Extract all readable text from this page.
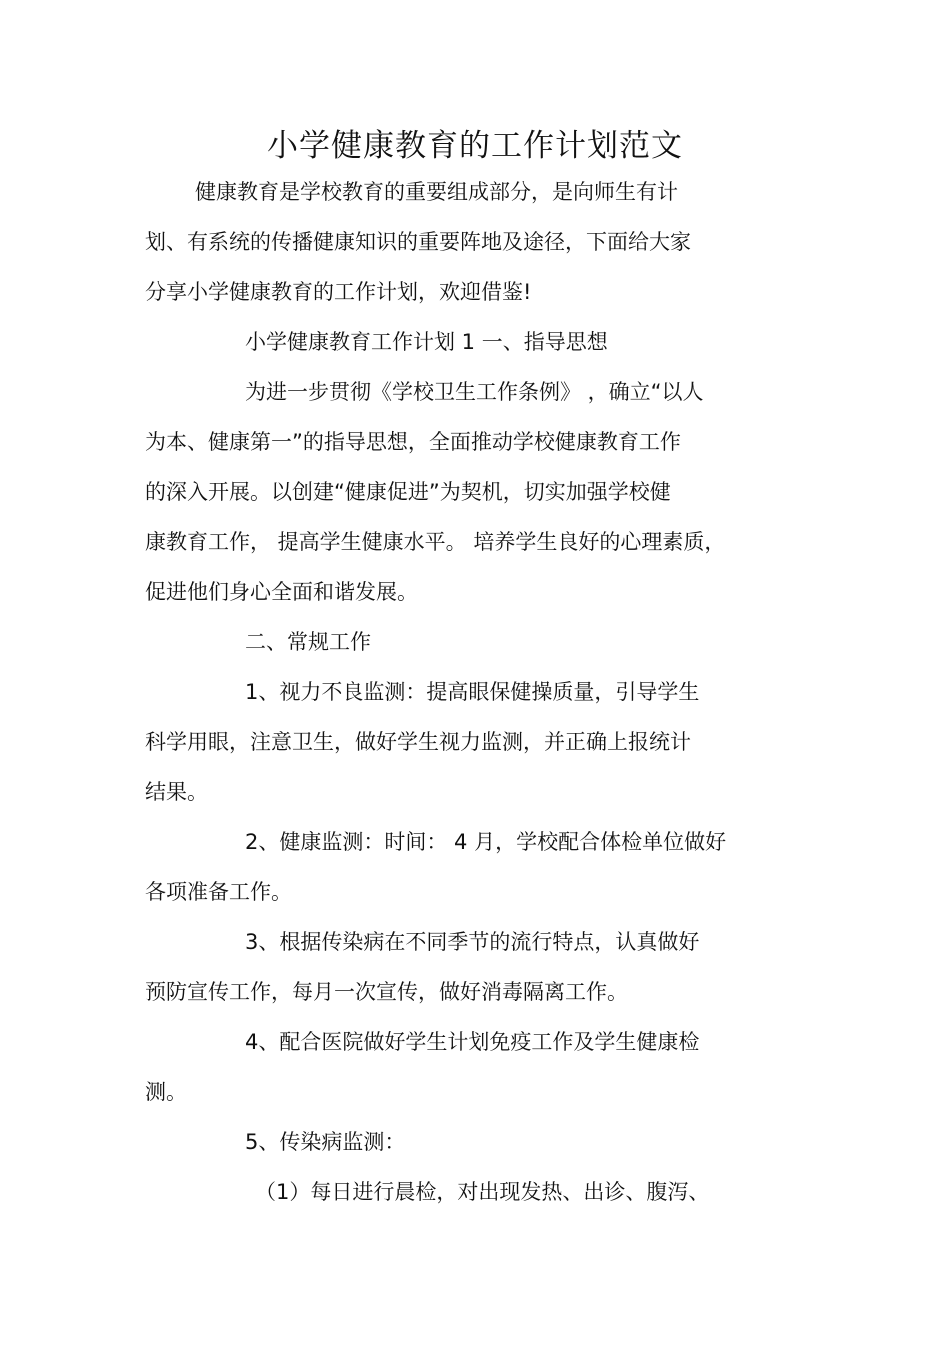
小学健康教育的工作计划范文
健康教育是学校教育的重要组成部分，是向师生有计
划、有系统的传播健康知识的重要阵地及途径，下面给大家
分享小学健康教育的工作计划，欢迎借鉴!
小学健康教育工作计划 1 一、指导思想
为进一步贯彻《学校卫生工作条例》 ，确立“以人
为本、健康第一”的指导思想，全面推动学校健康教育工作
的深入开展。以创建“健康促进”为契机，切实加强学校健
康教育工作， 提高学生健康水平。 培养学生良好的心理素质，
促进他们身心全面和谐发展。
二、常规工作
1、视力不良监测：提高眼保健操质量，引导学生
科学用眼，注意卫生，做好学生视力监测，并正确上报统计
结果。
2、健康监测：时间： 4 月，学校配合体检单位做好
各项准备工作。
3、根据传染病在不同季节的流行特点，认真做好
预防宣传工作，每月一次宣传，做好消毒隔离工作。
4、配合医院做好学生计划免疫工作及学生健康检
测。
5、传染病监测：
（1）每日进行晨检，对出现发热、出诊、腹泻、
